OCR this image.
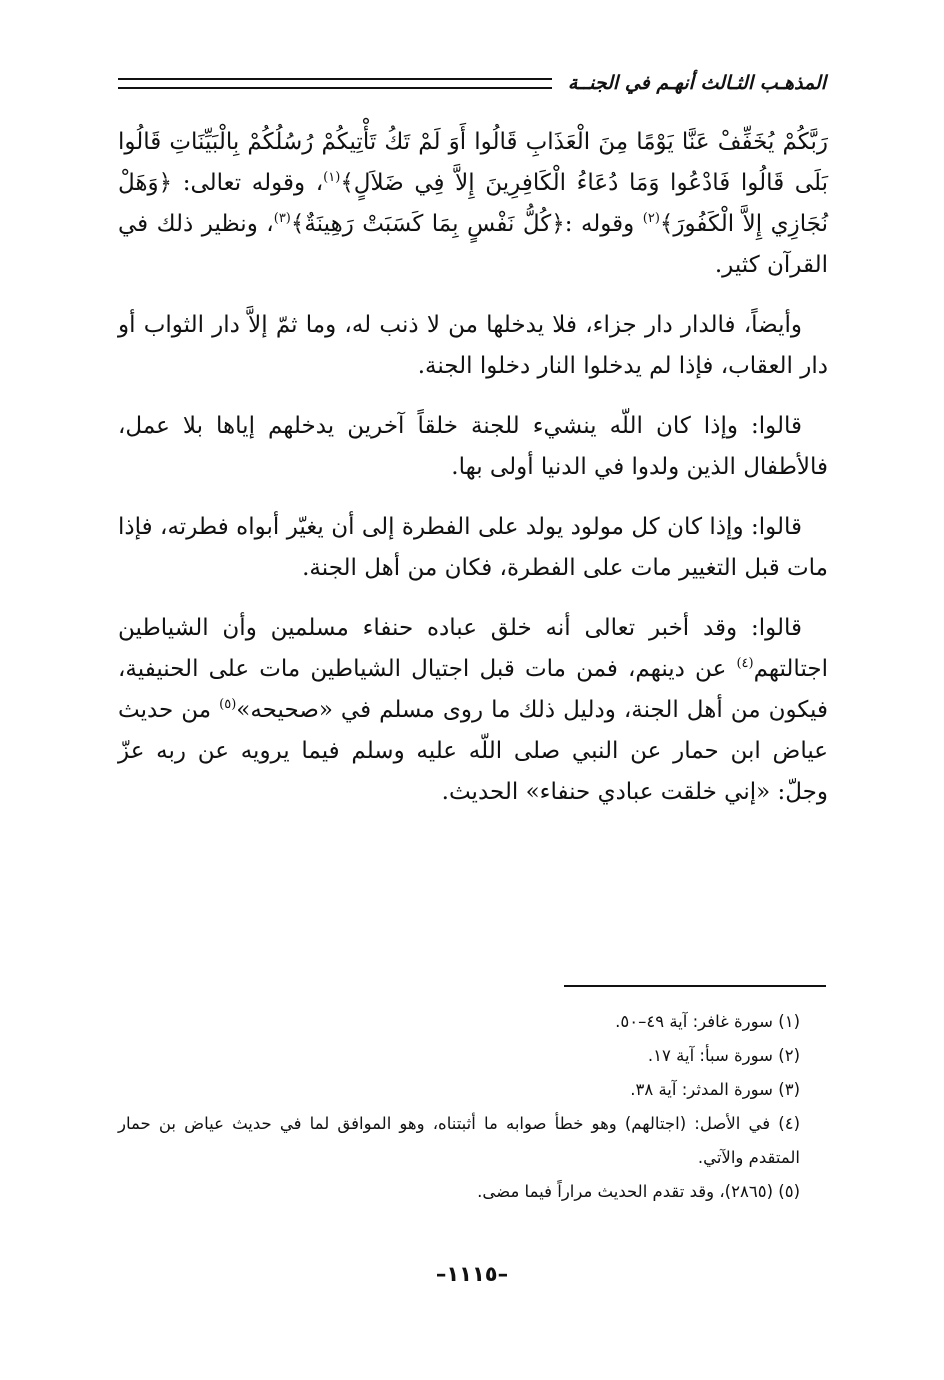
المذهـب الثـالث أنهـم في الجنــة

رَبَّكُمْ يُخَفِّفْ عَنَّا يَوْمًا مِنَ الْعَذَابِ قَالُوا أَوَ لَمْ تَكُ تَأْتِيكُمْ رُسُلُكُمْ بِالْبَيِّنَاتِ قَالُوا بَلَى قَالُوا فَادْعُوا وَمَا دُعَاءُ الْكَافِرِينَ إِلاَّ فِي ضَلاَلٍ﴾$^{(١)}$، وقوله تعالى: ﴿وَهَلْ نُجَازِي إِلاَّ الْكَفُورَ﴾$^{(٢)}$ وقوله :﴿كُلُّ نَفْسٍ بِمَا كَسَبَتْ رَهِينَةٌ﴾$^{(٣)}$، ونظير ذلك في القرآن كثير.

وأيضاً، فالدار دار جزاء، فلا يدخلها من لا ذنب له، وما ثمّ إلاَّ دار الثواب أو دار العقاب، فإذا لم يدخلوا النار دخلوا الجنة.

قالوا: وإذا كان اللّه ينشيء للجنة خلقاً آخرين يدخلهم إياها بلا عمل، فالأطفال الذين ولدوا في الدنيا أولى بها.

قالوا: وإذا كان كل مولود يولد على الفطرة إلى أن يغيّر أبواه فطرته، فإذا مات قبل التغيير مات على الفطرة، فكان من أهل الجنة.

قالوا: وقد أخبر تعالى أنه خلق عباده حنفاء مسلمين وأن الشياطين اجتالتهم$^{(٤)}$ عن دينهم، فمن مات قبل اجتيال الشياطين مات على الحنيفية، فيكون من أهل الجنة، ودليل ذلك ما روى مسلم في «صحيحه»$^{(٥)}$ من حديث عياض ابن حمار عن النبي صلى اللّه عليه وسلم فيما يرويه عن ربه عزّ وجلّ: «إني خلقت عبادي حنفاء» الحديث.

(١) سورة غافر: آية ٤٩–٥٠.

(٢) سورة سبأ: آية ١٧.

(٣) سورة المدثر: آية ٣٨.

(٤) في الأصل: (اجتالهم) وهو خطأ صوابه ما أثبتناه، وهو الموافق لما في حديث عياض بن حمار المتقدم والآتي.

(٥) (٢٨٦٥)، وقد تقدم الحديث مراراً فيما مضى.

–١١١٥–
